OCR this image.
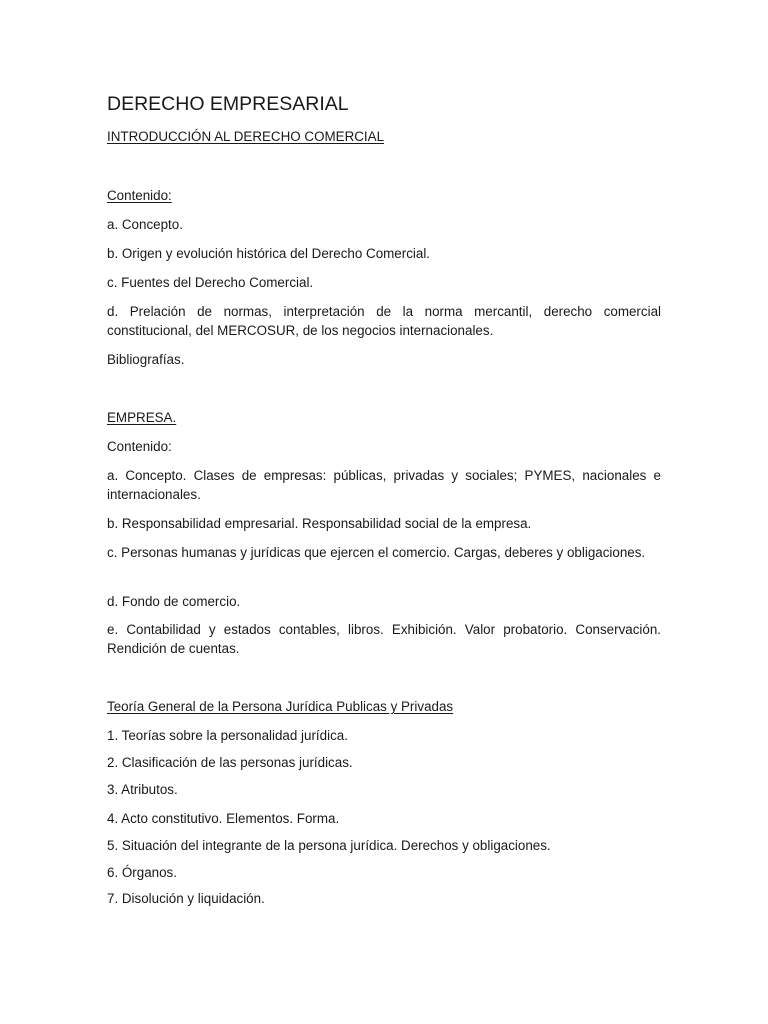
DERECHO EMPRESARIAL

INTRODUCCIÓN AL DERECHO COMERCIAL

Contenido:

a. Concepto.

b. Origen y evolución histórica del Derecho Comercial.

c. Fuentes del Derecho Comercial.

d. Prelación de normas, interpretación de la norma mercantil, derecho comercial constitucional, del MERCOSUR, de los negocios internacionales.

Bibliografías.

EMPRESA.

Contenido:

a. Concepto. Clases de empresas: públicas, privadas y sociales; PYMES, nacionales e internacionales.

b. Responsabilidad empresarial. Responsabilidad social de la empresa.

c. Personas humanas y jurídicas que ejercen el comercio. Cargas, deberes y obligaciones.

d. Fondo de comercio.

e. Contabilidad y estados contables, libros. Exhibición. Valor probatorio. Conservación. Rendición de cuentas.

Teoría General de la Persona Jurídica Publicas y Privadas

1. Teorías sobre la personalidad jurídica.

2. Clasificación de las personas jurídicas.

3. Atributos.

4. Acto constitutivo. Elementos. Forma.

5. Situación del integrante de la persona jurídica. Derechos y obligaciones.

6. Órganos.

7. Disolución y liquidación.
